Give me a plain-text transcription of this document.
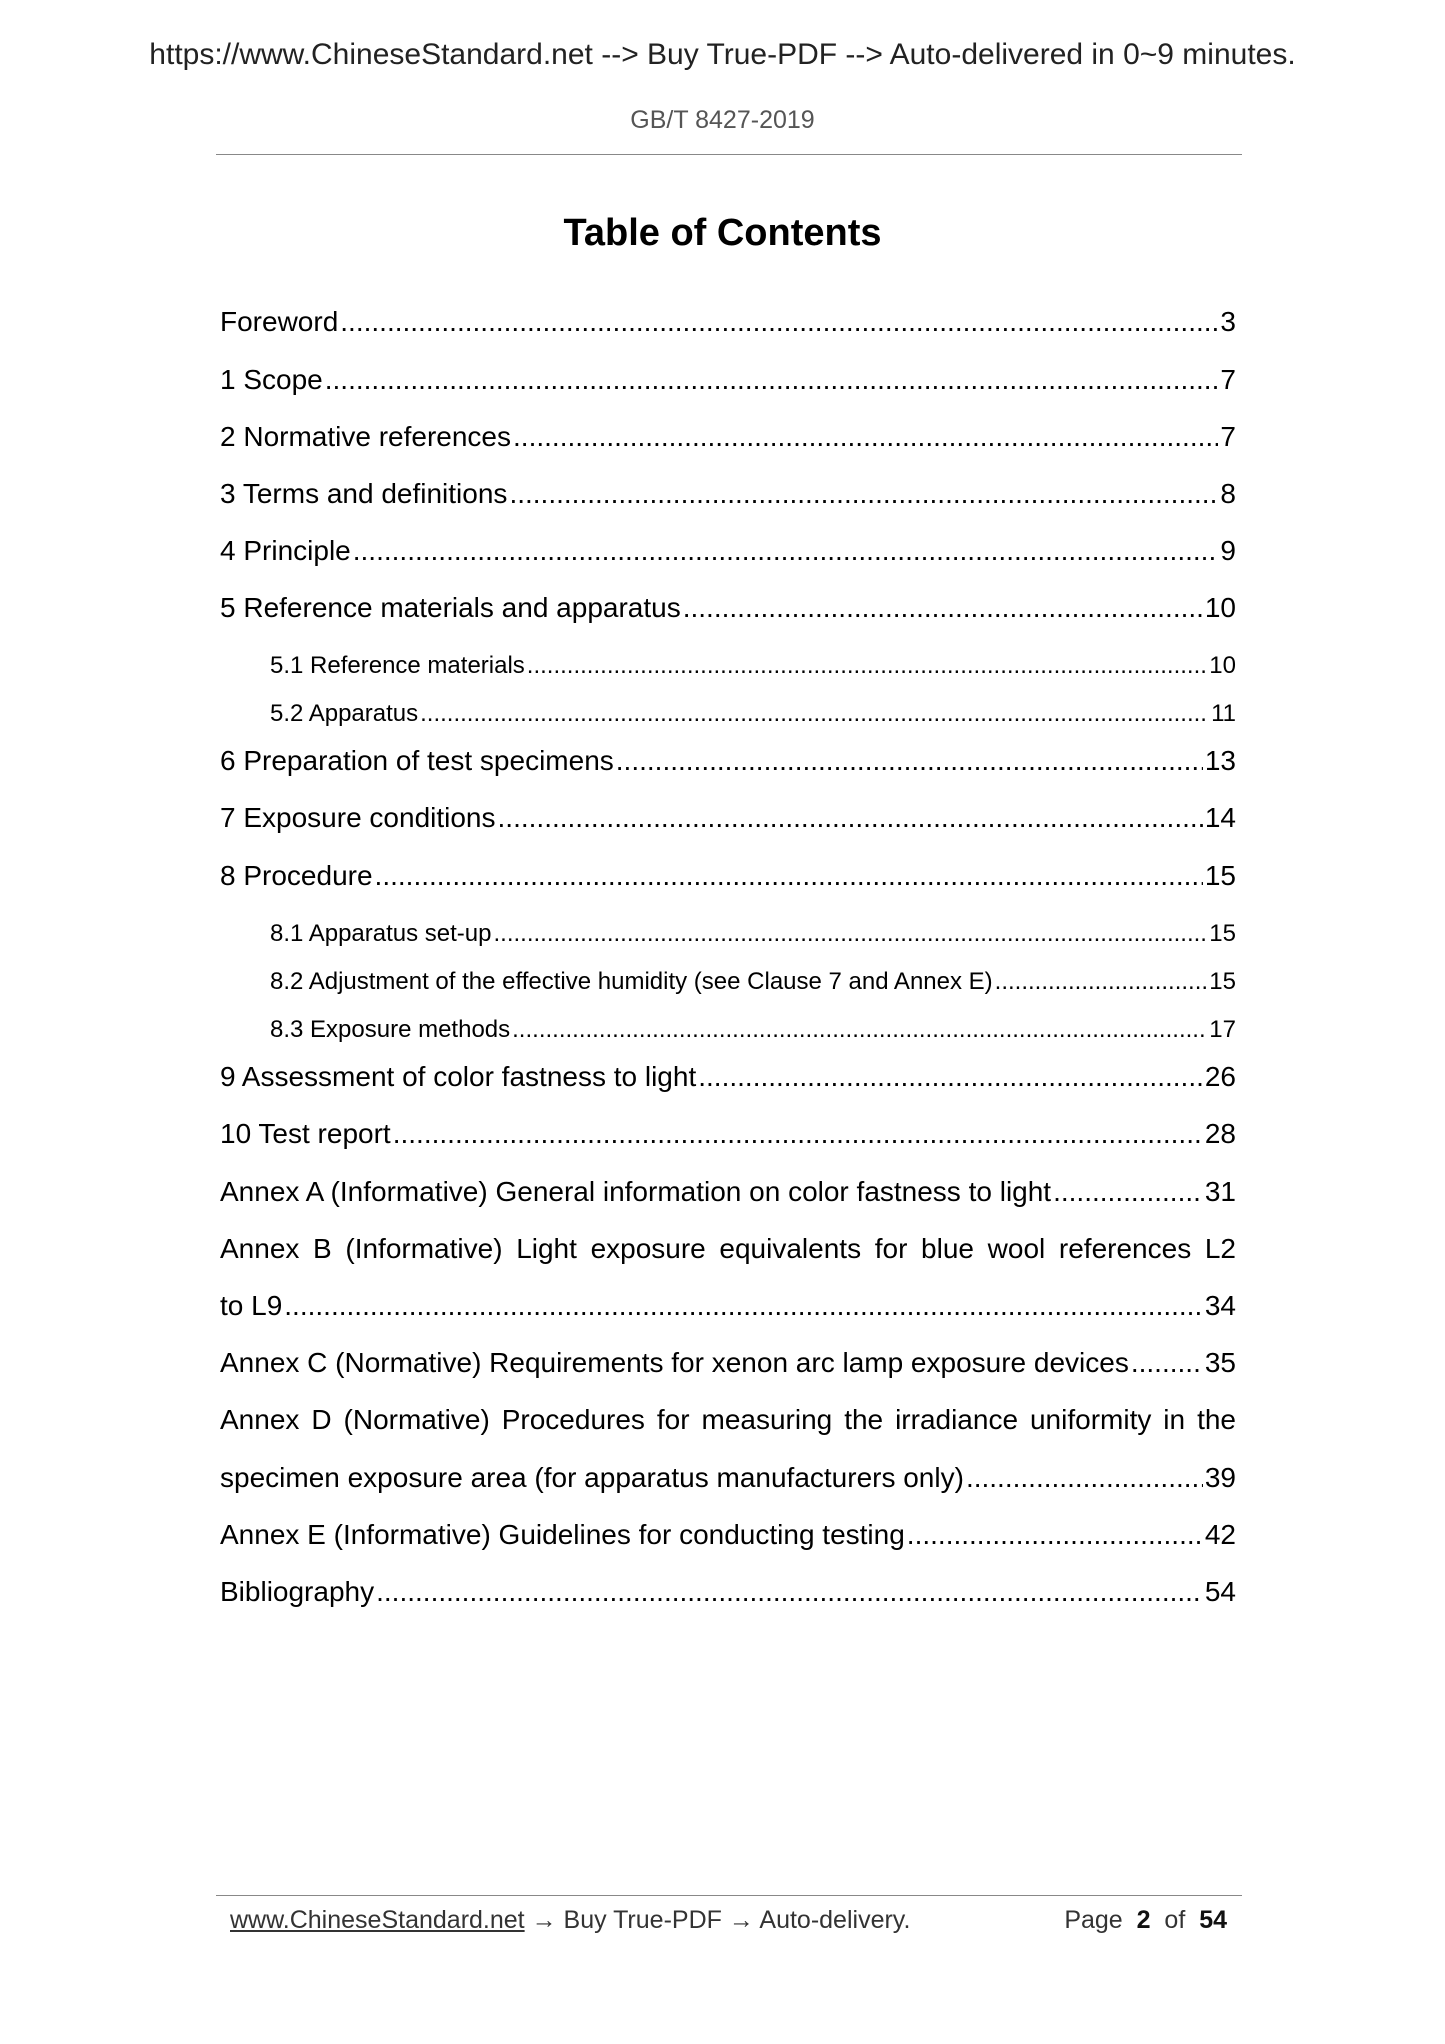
https://www.ChineseStandard.net --> Buy True-PDF --> Auto-delivered in 0~9 minutes.
GB/T 8427-2019
Table of Contents
Foreword .....	3
1 Scope .....	7
2 Normative references .....	7
3 Terms and definitions .....	8
4 Principle .....	9
5 Reference materials and apparatus .....	10
5.1 Reference materials .....	10
5.2 Apparatus .....	11
6 Preparation of test specimens .....	13
7 Exposure conditions .....	14
8 Procedure .....	15
8.1 Apparatus set-up .....	15
8.2 Adjustment of the effective humidity (see Clause 7 and Annex E) .....	15
8.3 Exposure methods .....	17
9 Assessment of color fastness to light .....	26
10 Test report .....	28
Annex A (Informative) General information on color fastness to light .....	31
Annex B (Informative) Light exposure equivalents for blue wool references L2
to L9 .....	34
Annex C (Normative) Requirements for xenon arc lamp exposure devices .....	35
Annex D (Normative) Procedures for measuring the irradiance uniformity in the
specimen exposure area (for apparatus manufacturers only) .....	39
Annex E (Informative) Guidelines for conducting testing .....	42
Bibliography .....	54
www.ChineseStandard.net → Buy True-PDF → Auto-delivery.	Page 2 of 54
